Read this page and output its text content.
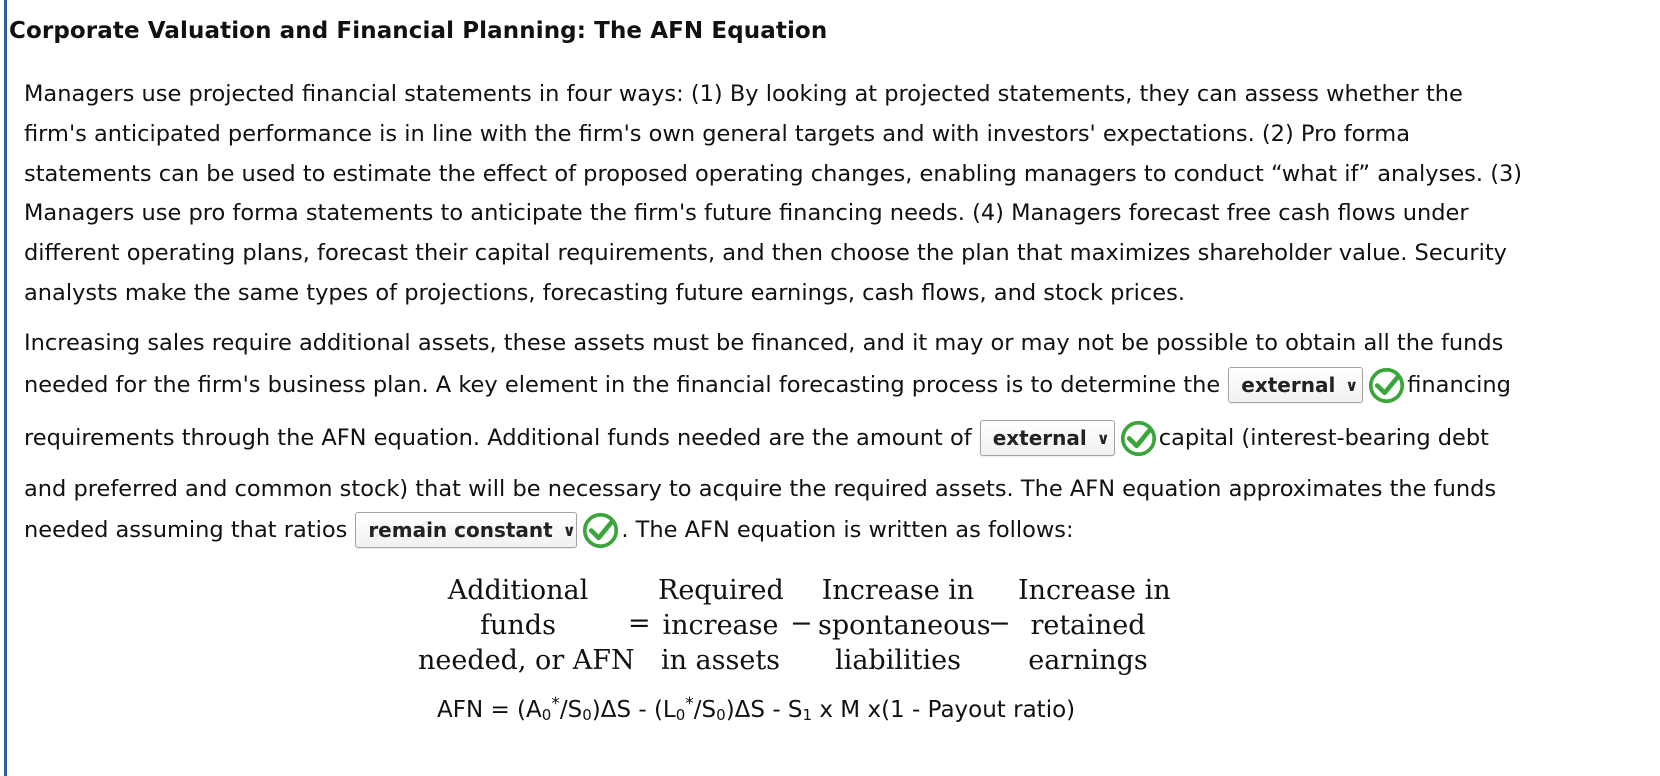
Corporate Valuation and Financial Planning: The AFN Equation
Managers use projected financial statements in four ways: (1) By looking at projected statements, they can assess whether the
firm's anticipated performance is in line with the firm's own general targets and with investors' expectations. (2) Pro forma
statements can be used to estimate the effect of proposed operating changes, enabling managers to conduct “what if” analyses. (3)
Managers use pro forma statements to anticipate the firm's future financing needs. (4) Managers forecast free cash flows under
different operating plans, forecast their capital requirements, and then choose the plan that maximizes shareholder value. Security
analysts make the same types of projections, forecasting future earnings, cash flows, and stock prices.
Increasing sales require additional assets, these assets must be financed, and it may or may not be possible to obtain all the funds
needed for the firm's business plan. A key element in the financial forecasting process is to determine the external ∨ financing
requirements through the AFN equation. Additional funds needed are the amount of external ∨ capital (interest-bearing debt
and preferred and common stock) that will be necessary to acquire the required assets. The AFN equation approximates the funds
needed assuming that ratios remain constant ∨ . The AFN equation is written as follows:
Additional
funds
needed, or AFN
=
Required
increase
in assets
−
Increase in
spontaneous
liabilities
−
Increase in
retained
earnings
AFN = $(A_0^*/S_0)\Delta S - (L_0^*/S_0)\Delta S - S_1$ x M x(1 - Payout ratio)
